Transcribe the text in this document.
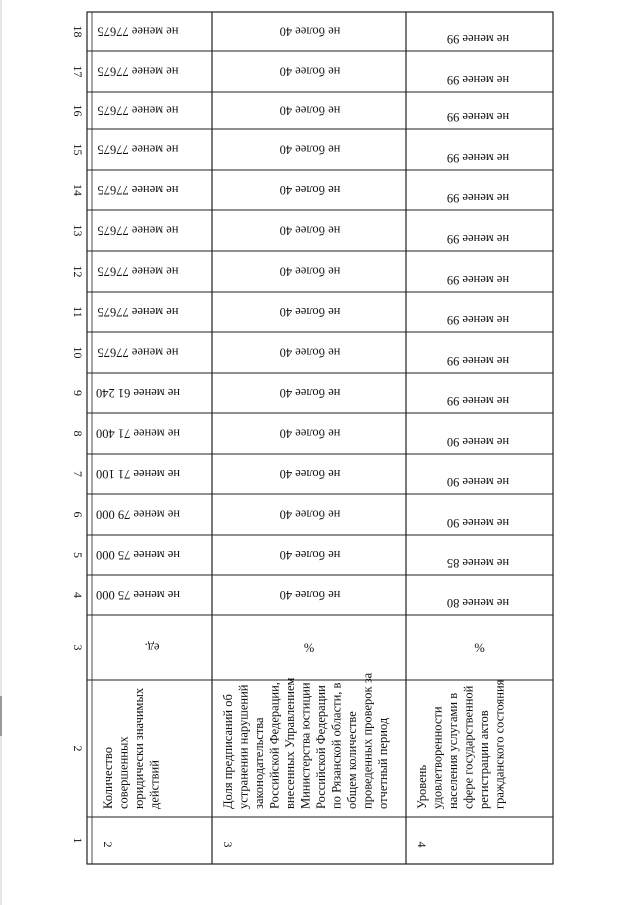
1
2
3
4
5
6
7
8
9
10
11
12
13
14
15
16
17
18
2
Количество совершенных юридически значимых действий
ед.
не менее 75 000
не менее 75 000
не менее 79 000
не менее 71 100
не менее 71 400
не менее 61 240
не менее 77675
не менее 77675
не менее 77675
не менее 77675
не менее 77675
не менее 77675
не менее 77675
не менее 77675
не менее 77675
3
Доля предписаний об устранении нарушений законодательства Российской Федерации, внесенных Управлением Министерства юстиции Российской Федерации по Рязанской области, в общем количестве проведенных проверок за отчетный период
%
не более 40
не более 40
не более 40
не более 40
не более 40
не более 40
не более 40
не более 40
не более 40
не более 40
не более 40
не более 40
не более 40
не более 40
не более 40
4
Уровень удовлетворенности населения услугами в сфере государственной регистрации актов гражданского состояния
%
не менее 80
не менее 85
не менее 90
не менее 90
не менее 90
не менее 99
не менее 99
не менее 99
не менее 99
не менее 99
не менее 99
не менее 99
не менее 99
не менее 99
не менее 99
